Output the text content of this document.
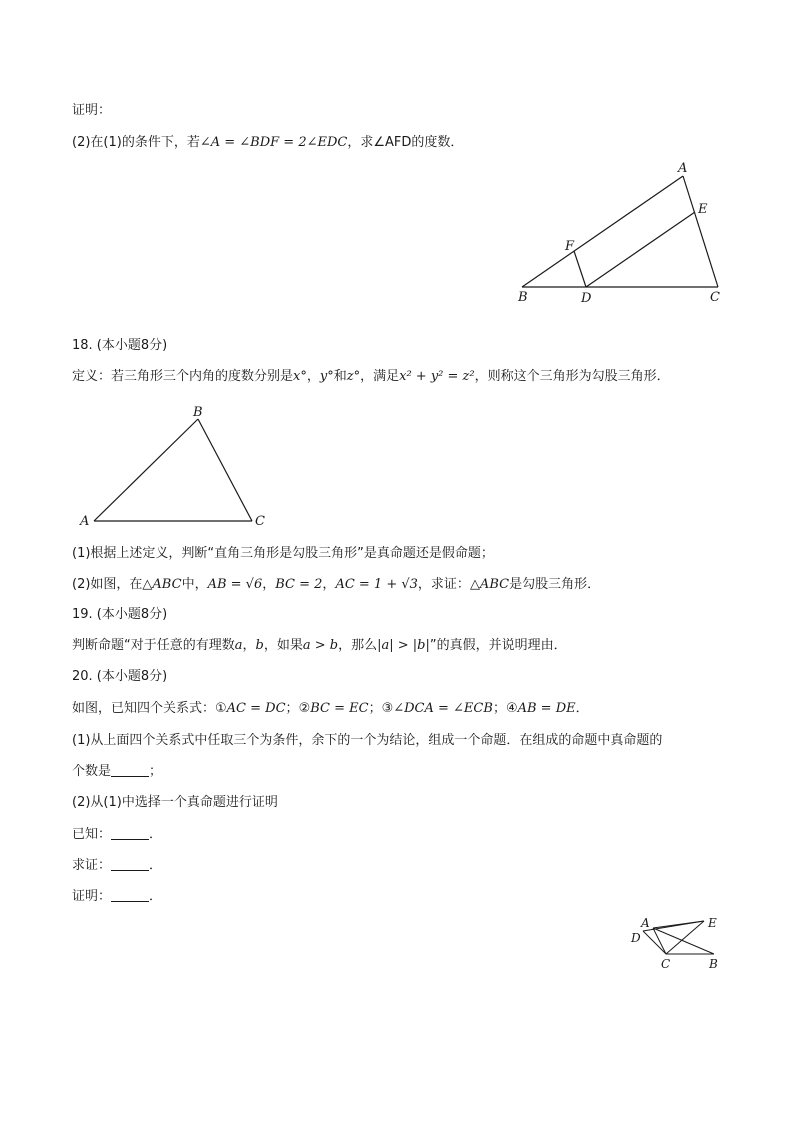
证明：
(2)在(1)的条件下，若∠A = ∠BDF = 2∠EDC，求∠AFD的度数．
A
E
F
B	D	C
18. (本小题8分)
定义：若三角形三个内角的度数分别是x°，y°和z°，满足x² + y² = z²，则称这个三角形为勾股三角形．
B
A	C
(1)根据上述定义，判断“直角三角形是勾股三角形”是真命题还是假命题；
(2)如图，在△ABC中，AB = √6，BC = 2，AC = 1 + √3，求证：△ABC是勾股三角形．
19. (本小题8分)
判断命题“对于任意的有理数a，b，如果a > b，那么|a| > |b|”的真假，并说明理由．
20. (本小题8分)
如图，已知四个关系式：①AC = DC；②BC = EC；③∠DCA = ∠ECB；④AB = DE．
(1)从上面四个关系式中任取三个为条件，余下的一个为结论，组成一个命题．在组成的命题中真命题的
个数是	；
(2)从(1)中选择一个真命题进行证明
已知：	．
求证：	．
证明：	．
A	E
D
C	B
